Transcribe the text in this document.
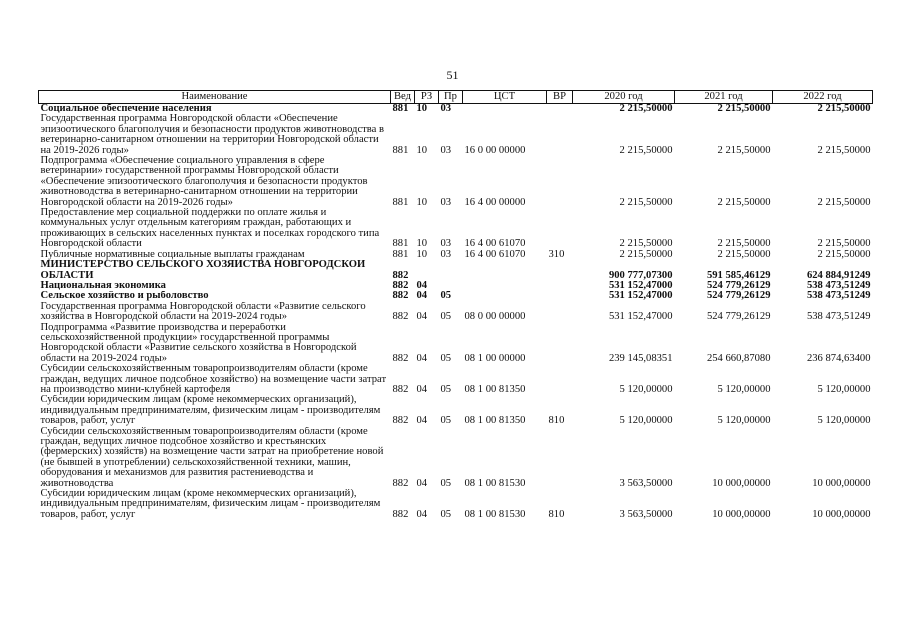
51
Наименование	Вед	РЗ	Пр	ЦСТ	ВР	2020 год	2021 год	2022 год
Социальное обеспечение населения	881	10	03			2 215,50000	2 215,50000	2 215,50000
Государственная программа Новгородской области «Обеспечение эпизоотического благополучия и безопасности продуктов животноводства в ветеринарно-санитарном отношении на территории Новгородской области на 2019-2026 годы»	881	10	03	16 0 00 00000		2 215,50000	2 215,50000	2 215,50000
Подпрограмма «Обеспечение социального управления в сфере ветеринарии» государственной программы Новгородской области «Обеспечение эпизоотического благополучия и безопасности продуктов животноводства в ветеринарно-санитарном отношении на территории Новгородской области на 2019-2026 годы»	881	10	03	16 4 00 00000		2 215,50000	2 215,50000	2 215,50000
Предоставление мер социальной поддержки по оплате жилья и коммунальных услуг отдельным категориям граждан, работающих и проживающих в сельских населенных пунктах и поселках городского типа Новгородской области	881	10	03	16 4 00 61070		2 215,50000	2 215,50000	2 215,50000
Публичные нормативные социальные выплаты гражданам	881	10	03	16 4 00 61070	310	2 215,50000	2 215,50000	2 215,50000
МИНИСТЕРСТВО СЕЛЬСКОГО ХОЗЯЙСТВА НОВГОРОДСКОЙ ОБЛАСТИ	882					900 777,07300	591 585,46129	624 884,91249
Национальная экономика	882	04				531 152,47000	524 779,26129	538 473,51249
Сельское хозяйство и рыболовство	882	04	05			531 152,47000	524 779,26129	538 473,51249
Государственная программа Новгородской области «Развитие сельского хозяйства в Новгородской области на 2019-2024 годы»	882	04	05	08 0 00 00000		531 152,47000	524 779,26129	538 473,51249
Подпрограмма «Развитие производства и переработки сельскохозяйственной продукции» государственной программы Новгородской области «Развитие сельского хозяйства в Новгородской области на 2019-2024 годы»	882	04	05	08 1 00 00000		239 145,08351	254 660,87080	236 874,63400
Субсидии сельскохозяйственным товаропроизводителям области (кроме граждан, ведущих личное подсобное хозяйство) на возмещение части затрат на производство мини-клубней картофеля	882	04	05	08 1 00 81350		5 120,00000	5 120,00000	5 120,00000
Субсидии юридическим лицам (кроме некоммерческих организаций), индивидуальным предпринимателям, физическим лицам - производителям товаров, работ, услуг	882	04	05	08 1 00 81350	810	5 120,00000	5 120,00000	5 120,00000
Субсидии сельскохозяйственным товаропроизводителям области (кроме граждан, ведущих личное подсобное хозяйство и крестьянских (фермерских) хозяйств) на возмещение части затрат на приобретение новой (не бывшей в употреблении) сельскохозяйственной техники, машин, оборудования и механизмов для развития растениеводства и животноводства	882	04	05	08 1 00 81530		3 563,50000	10 000,00000	10 000,00000
Субсидии юридическим лицам (кроме некоммерческих организаций), индивидуальным предпринимателям, физическим лицам - производителям товаров, работ, услуг	882	04	05	08 1 00 81530	810	3 563,50000	10 000,00000	10 000,00000
